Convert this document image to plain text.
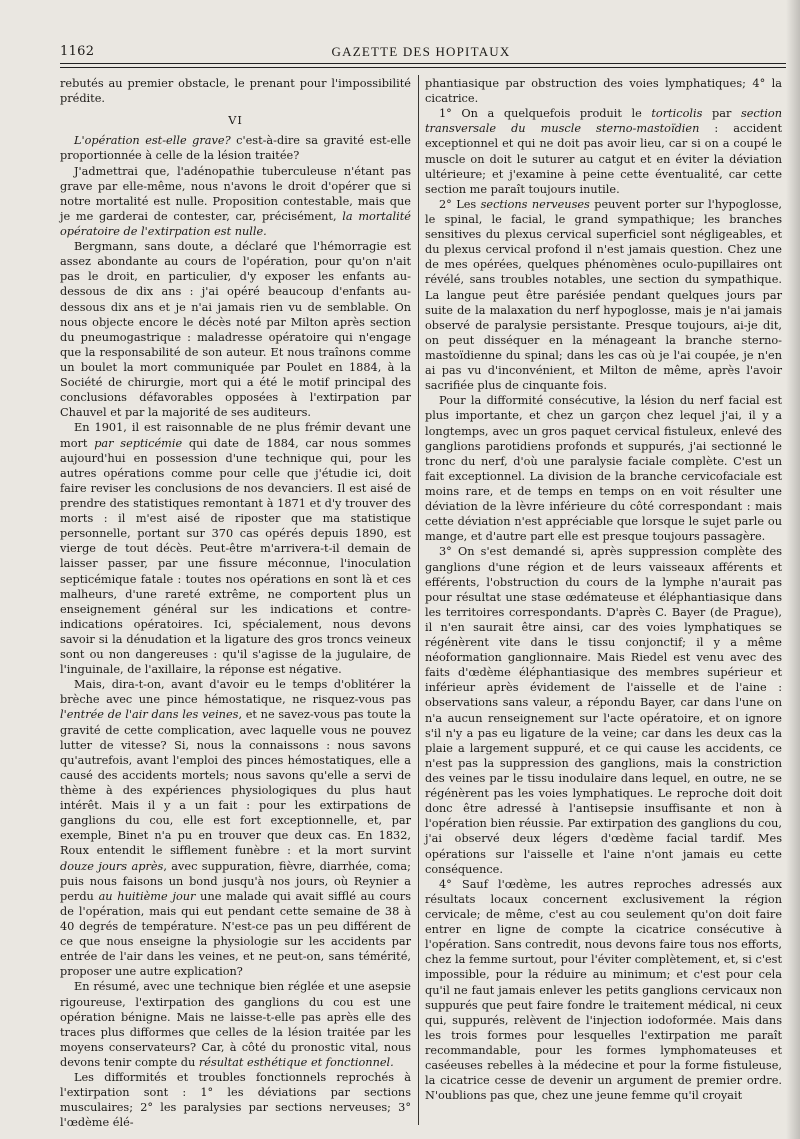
1162	GAZETTE DES HOPITAUX

rebutés au premier obstacle, le prenant pour l'impossibilité prédite.

VI

L'opération est-elle grave? c'est-à-dire sa gravité est-elle proportionnée à celle de la lésion traitée?

J'admettrai que, l'adénopathie tuberculeuse n'étant pas grave par elle-même, nous n'avons le droit d'opérer que si notre mortalité est nulle. Proposition contestable, mais que je me garderai de contester, car, précisément, la mortalité opératoire de l'extirpation est nulle.

Bergmann, sans doute, a déclaré que l'hémorragie est assez abondante au cours de l'opération, pour qu'on n'ait pas le droit, en particulier, d'y exposer les enfants au-dessous de dix ans : j'ai opéré beaucoup d'enfants au-dessous dix ans et je n'ai jamais rien vu de semblable. On nous objecte encore le décès noté par Milton après section du pneumogastrique : maladresse opératoire qui n'engage que la responsabilité de son auteur. Et nous traînons comme un boulet la mort communiquée par Poulet en 1884, à la Société de chirurgie, mort qui a été le motif principal des conclusions défavorables opposées à l'extirpation par Chauvel et par la majorité de ses auditeurs.

En 1901, il est raisonnable de ne plus frémir devant une mort par septicémie qui date de 1884, car nous sommes aujourd'hui en possession d'une technique qui, pour les autres opérations comme pour celle que j'étudie ici, doit faire reviser les conclusions de nos devanciers. Il est aisé de prendre des statistiques remontant à 1871 et d'y trouver des morts : il m'est aisé de riposter que ma statistique personnelle, portant sur 370 cas opérés depuis 1890, est vierge de tout décès. Peut-être m'arrivera-t-il demain de laisser passer, par une fissure méconnue, l'inoculation septicémique fatale : toutes nos opérations en sont là et ces malheurs, d'une rareté extrême, ne comportent plus un enseignement général sur les indications et contre-indications opératoires. Ici, spécialement, nous devons savoir si la dénudation et la ligature des gros troncs veineux sont ou non dangereuses : qu'il s'agisse de la jugulaire, de l'inguinale, de l'axillaire, la réponse est négative.

Mais, dira-t-on, avant d'avoir eu le temps d'oblitérer la brèche avec une pince hémostatique, ne risquez-vous pas l'entrée de l'air dans les veines, et ne savez-vous pas toute la gravité de cette complication, avec laquelle vous ne pouvez lutter de vitesse? Si, nous la connaissons : nous savons qu'autrefois, avant l'emploi des pinces hémostatiques, elle a causé des accidents mortels; nous savons qu'elle a servi de thème à des expériences physiologiques du plus haut intérêt. Mais il y a un fait : pour les extirpations de ganglions du cou, elle est fort exceptionnelle, et, par exemple, Binet n'a pu en trouver que deux cas. En 1832, Roux entendit le sifflement funèbre : et la mort survint douze jours après, avec suppuration, fièvre, diarrhée, coma; puis nous faisons un bond jusqu'à nos jours, où Reynier a perdu au huitième jour une malade qui avait sifflé au cours de l'opération, mais qui eut pendant cette semaine de 38 à 40 degrés de température. N'est-ce pas un peu différent de ce que nous enseigne la physiologie sur les accidents par entrée de l'air dans les veines, et ne peut-on, sans témérité, proposer une autre explication?

En résumé, avec une technique bien réglée et une asepsie rigoureuse, l'extirpation des ganglions du cou est une opération bénigne. Mais ne laisse-t-elle pas après elle des traces plus difformes que celles de la lésion traitée par les moyens conservateurs? Car, à côté du pronostic vital, nous devons tenir compte du résultat esthétique et fonctionnel.

Les difformités et troubles fonctionnels reprochés à l'extirpation sont : 1° les déviations par sections musculaires; 2° les paralysies par sections nerveuses; 3° l'œdème élé-

phantiasique par obstruction des voies lymphatiques; 4° la cicatrice.

1° On a quelquefois produit le torticolis par section transversale du muscle sterno-mastoïdien : accident exceptionnel et qui ne doit pas avoir lieu, car si on a coupé le muscle on doit le suturer au catgut et en éviter la déviation ultérieure; et j'examine à peine cette éventualité, car cette section me paraît toujours inutile.

2° Les sections nerveuses peuvent porter sur l'hypoglosse, le spinal, le facial, le grand sympathique; les branches sensitives du plexus cervical superficiel sont négligeables, et du plexus cervical profond il n'est jamais question. Chez une de mes opérées, quelques phénomènes oculo-pupillaires ont révélé, sans troubles notables, une section du sympathique. La langue peut être parésiée pendant quelques jours par suite de la malaxation du nerf hypoglosse, mais je n'ai jamais observé de paralysie persistante. Presque toujours, ai-je dit, on peut disséquer en la ménageant la branche sterno-mastoïdienne du spinal; dans les cas où je l'ai coupée, je n'en ai pas vu d'inconvénient, et Milton de même, après l'avoir sacrifiée plus de cinquante fois.

Pour la difformité consécutive, la lésion du nerf facial est plus importante, et chez un garçon chez lequel j'ai, il y a longtemps, avec un gros paquet cervical fistuleux, enlevé des ganglions parotidiens profonds et suppurés, j'ai sectionné le tronc du nerf, d'où une paralysie faciale complète. C'est un fait exceptionnel. La division de la branche cervicofaciale est moins rare, et de temps en temps on en voit résulter une déviation de la lèvre inférieure du côté correspondant : mais cette déviation n'est appréciable que lorsque le sujet parle ou mange, et d'autre part elle est presque toujours passagère.

3° On s'est demandé si, après suppression complète des ganglions d'une région et de leurs vaisseaux afférents et efférents, l'obstruction du cours de la lymphe n'aurait pas pour résultat une stase œdémateuse et éléphantiasique dans les territoires correspondants. D'après C. Bayer (de Prague), il n'en saurait être ainsi, car des voies lymphatiques se régénèrent vite dans le tissu conjonctif; il y a même néoformation ganglionnaire. Mais Riedel est venu avec des faits d'œdème éléphantiasique des membres supérieur et inférieur après évidement de l'aisselle et de l'aine : observations sans valeur, a répondu Bayer, car dans l'une on n'a aucun renseignement sur l'acte opératoire, et on ignore s'il n'y a pas eu ligature de la veine; car dans les deux cas la plaie a largement suppuré, et ce qui cause les accidents, ce n'est pas la suppression des ganglions, mais la constriction des veines par le tissu inodulaire dans lequel, en outre, ne se régénèrent pas les voies lymphatiques. Le reproche doit doit donc être adressé à l'antisepsie insuffisante et non à l'opération bien réussie. Par extirpation des ganglions du cou, j'ai observé deux légers d'œdème facial tardif. Mes opérations sur l'aisselle et l'aine n'ont jamais eu cette conséquence.

4° Sauf l'œdème, les autres reproches adressés aux résultats locaux concernent exclusivement la région cervicale; de même, c'est au cou seulement qu'on doit faire entrer en ligne de compte la cicatrice consécutive à l'opération. Sans contredit, nous devons faire tous nos efforts, chez la femme surtout, pour l'éviter complètement, et, si c'est impossible, pour la réduire au minimum; et c'est pour cela qu'il ne faut jamais enlever les petits ganglions cervicaux non suppurés que peut faire fondre le traitement médical, ni ceux qui, suppurés, relèvent de l'injection iodoformée. Mais dans les trois formes pour lesquelles l'extirpation me paraît recommandable, pour les formes lymphomateuses et caséeuses rebelles à la médecine et pour la forme fistuleuse, la cicatrice cesse de devenir un argument de premier ordre. N'oublions pas que, chez une jeune femme qu'il croyait
